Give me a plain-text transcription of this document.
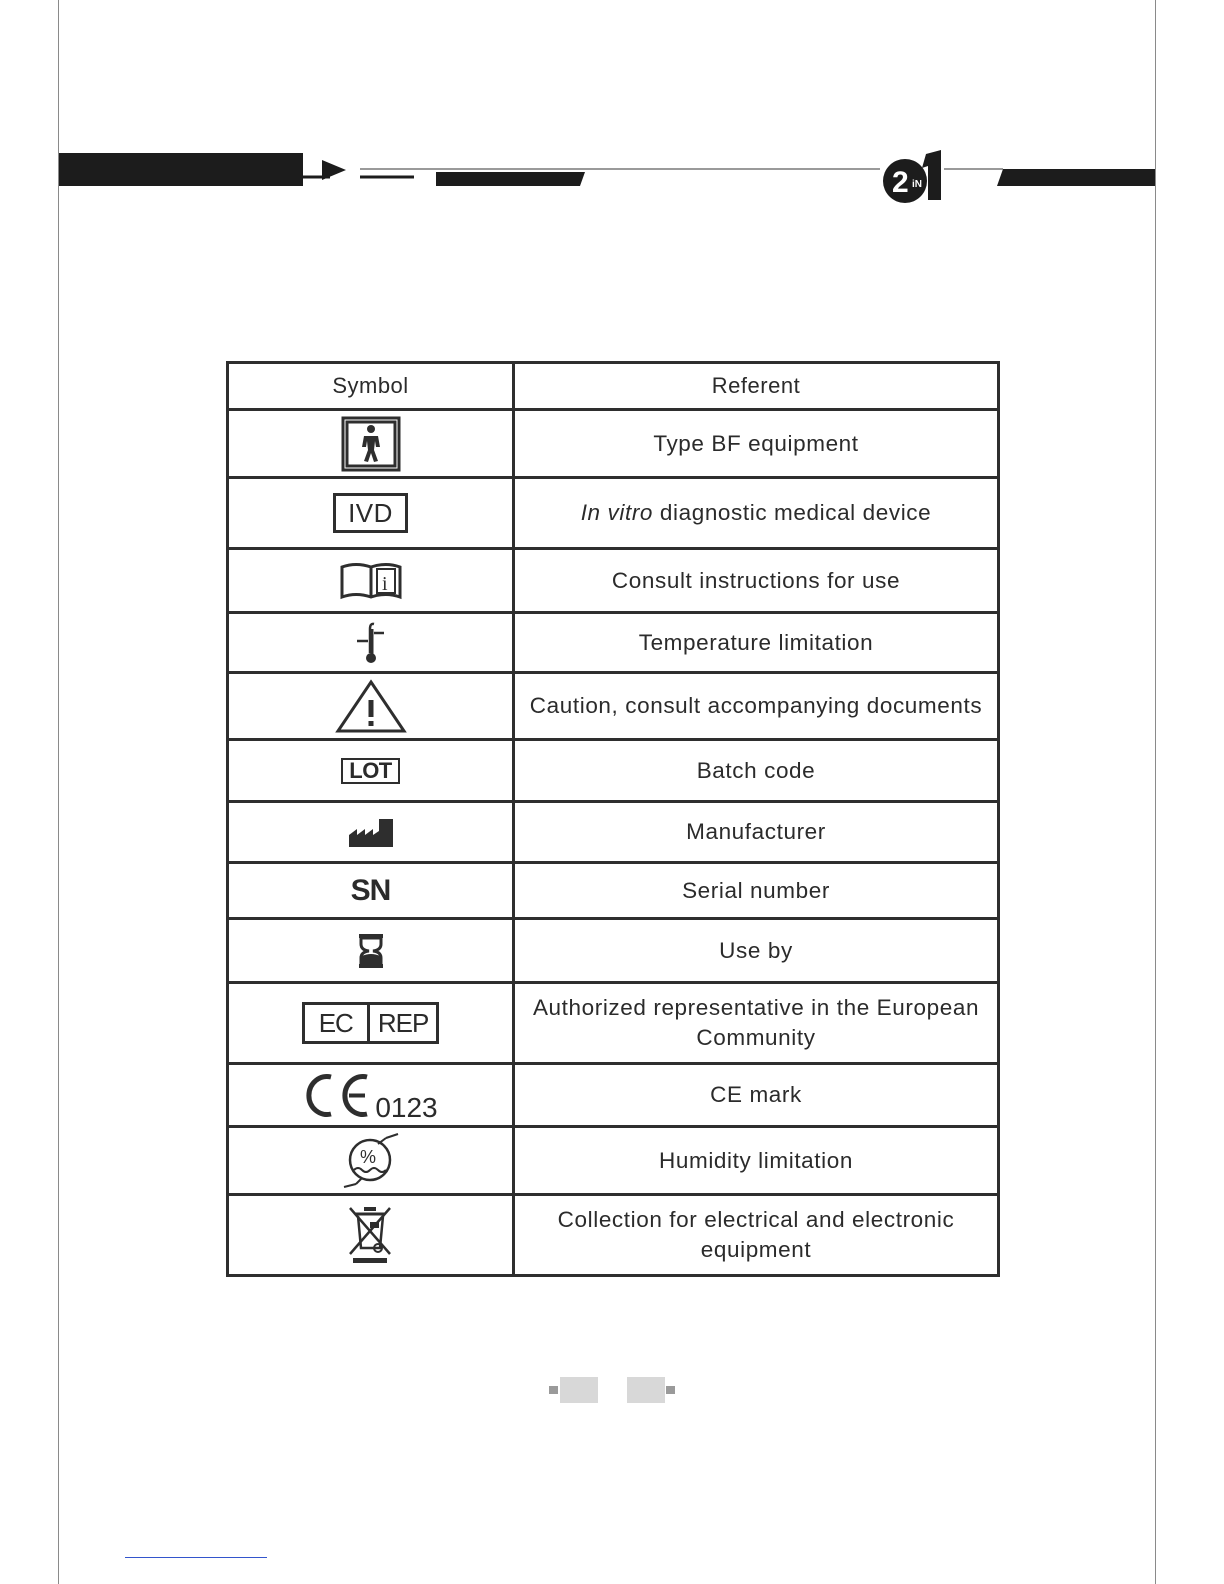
2 iN
Symbol	Referent

	Type BF equipment

IVD	In vitro diagnostic medical device

i	Consult instructions for use

	Temperature limitation

	Caution, consult accompanying documents

LOT	Batch code

	Manufacturer

SN	Serial number

	Use by

EC REP	Authorized representative in the European Community

0123	CE mark

%	Humidity limitation

	Collection for electrical and electronic equipment
